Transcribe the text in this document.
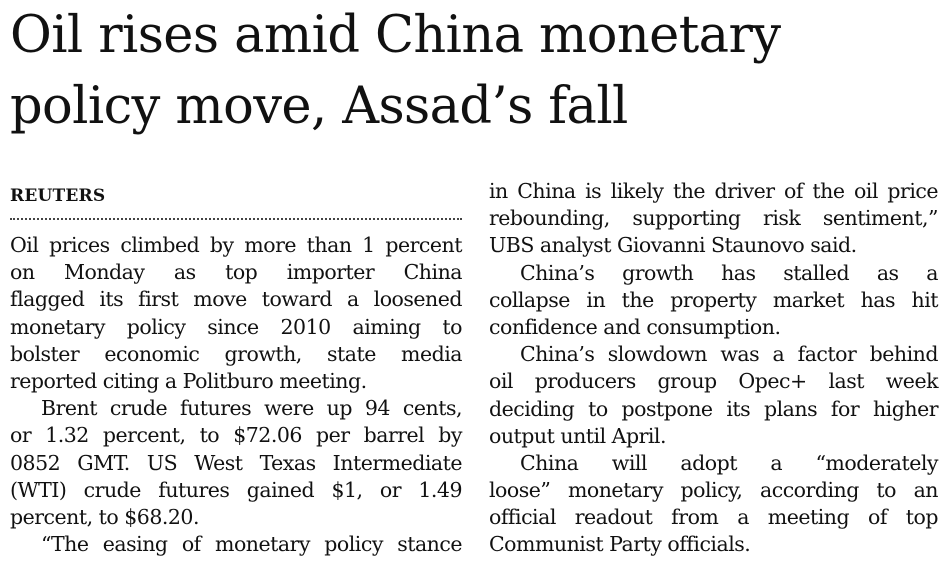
Oil rises amid China monetary
policy move, Assad’s fall
REUTERS
Oil prices climbed by more than 1 percent
on Monday as top importer China
flagged its first move toward a loosened
monetary policy since 2010 aiming to
bolster economic growth, state media
reported citing a Politburo meeting.
Brent crude futures were up 94 cents,
or 1.32 percent, to $72.06 per barrel by
0852 GMT. US West Texas Intermediate
(WTI) crude futures gained $1, or 1.49
percent, to $68.20.
“The easing of monetary policy stance
in China is likely the driver of the oil price
rebounding, supporting risk sentiment,”
UBS analyst Giovanni Staunovo said.
China’s growth has stalled as a
collapse in the property market has hit
confidence and consumption.
China’s slowdown was a factor behind
oil producers group Opec+ last week
deciding to postpone its plans for higher
output until April.
China will adopt a “moderately
loose” monetary policy, according to an
official readout from a meeting of top
Communist Party officials.
